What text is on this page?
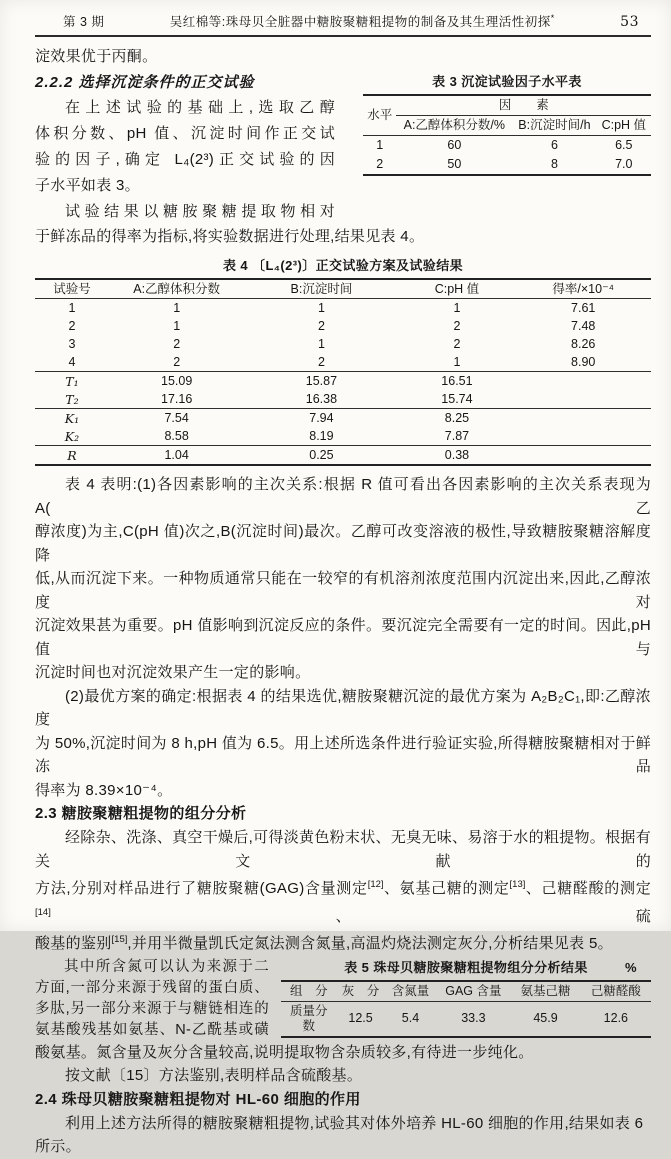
第 3 期	吴红棉等:珠母贝全脏器中糖胺聚糖粗提物的制备及其生理活性初探*	53
淀效果优于丙酮。
2.2.2 选择沉淀条件的正交试验
在上述试验的基础上,选取乙醇
体积分数、pH 值、沉淀时间作正交试
验的因子,确定 L₄(2³)正交试验的因
子水平如表 3。
试验结果以糖胺聚糖提取物相对
表 3 沉淀试验因子水平表
水平	因　　素		
	A:乙醇体积分数/%	B:沉淀时间/h	C:pH 值
1	60	6	6.5
2	50	8	7.0
于鲜冻品的得率为指标,将实验数据进行处理,结果见表 4。
表 4 〔L₄(2³)〕正交试验方案及试验结果
试验号	A:乙醇体积分数	B:沉淀时间	C:pH 值	得率/×10⁻⁴
1	1	1	1	7.61
2	1	2	2	7.48
3	2	1	2	8.26
4	2	2	1	8.90
T₁	15.09	15.87	16.51	
T₂	17.16	16.38	15.74	
K₁	7.54	7.94	8.25	
K₂	8.58	8.19	7.87	
R	1.04	0.25	0.38	
表 4 表明:(1)各因素影响的主次关系:根据 R 值可看出各因素影响的主次关系表现为 A(乙
醇浓度)为主,C(pH 值)次之,B(沉淀时间)最次。乙醇可改变溶液的极性,导致糖胺聚糖溶解度降
低,从而沉淀下来。一种物质通常只能在一较窄的有机溶剂浓度范围内沉淀出来,因此,乙醇浓度对
沉淀效果甚为重要。pH 值影响到沉淀反应的条件。要沉淀完全需要有一定的时间。因此,pH 值与
沉淀时间也对沉淀效果产生一定的影响。
(2)最优方案的确定:根据表 4 的结果选优,糖胺聚糖沉淀的最优方案为 A₂B₂C₁,即:乙醇浓度
为 50%,沉淀时间为 8 h,pH 值为 6.5。用上述所选条件进行验证实验,所得糖胺聚糖相对于鲜冻品
得率为 8.39×10⁻⁴。
2.3 糖胺聚糖粗提物的组分分析
经除杂、洗涤、真空干燥后,可得淡黄色粉末状、无臭无味、易溶于水的粗提物。根据有关文献的
方法,分别对样品进行了糖胺聚糖(GAG)含量测定[12]、氨基己糖的测定[13]、己糖醛酸的测定[14]、硫
酸基的鉴别[15],并用半微量凯氏定氮法测含氮量,高温灼烧法测定灰分,分析结果见表 5。
其中所含氮可以认为来源于二
方面,一部分来源于残留的蛋白质、
多肽,另一部分来源于与糖链相连的
氨基酸残基如氨基、N-乙酰基或磺
表 5 珠母贝糖胺聚糖粗提物组分分析结果	%
组　分	灰　分	含氮量	GAG 含量	氨基己糖	己糖醛酸
质量分数	12.5	5.4	33.3	45.9	12.6
酸氨基。氮含量及灰分含量较高,说明提取物含杂质较多,有待进一步纯化。
按文献〔15〕方法鉴别,表明样品含硫酸基。
2.4 珠母贝糖胺聚糖粗提物对 HL-60 细胞的作用
利用上述方法所得的糖胺聚糖粗提物,试验其对体外培养 HL-60 细胞的作用,结果如表 6 所示。
